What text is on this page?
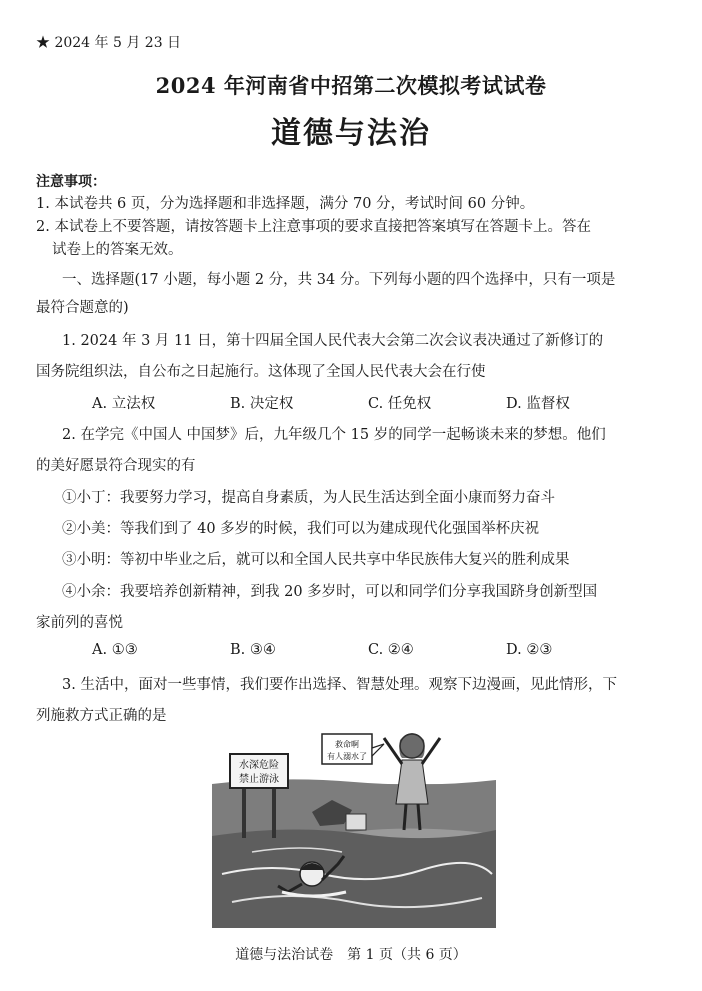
★ 2024 年 5 月 23 日
2024 年河南省中招第二次模拟考试试卷
道德与法治
注意事项：
1. 本试卷共 6 页，分为选择题和非选择题，满分 70 分，考试时间 60 分钟。
2. 本试卷上不要答题，请按答题卡上注意事项的要求直接把答案填写在答题卡上。答在
试卷上的答案无效。
一、选择题(17 小题，每小题 2 分，共 34 分。下列每小题的四个选择中，只有一项是
最符合题意的)
1. 2024 年 3 月 11 日，第十四届全国人民代表大会第二次会议表决通过了新修订的
国务院组织法，自公布之日起施行。这体现了全国人民代表大会在行使
A. 立法权	B. 决定权	C. 任免权	D. 监督权
2. 在学完《中国人 中国梦》后，九年级几个 15 岁的同学一起畅谈未来的梦想。他们
的美好愿景符合现实的有
①小丁：我要努力学习，提高自身素质，为人民生活达到全面小康而努力奋斗
②小美：等我们到了 40 多岁的时候，我们可以为建成现代化强国举杯庆祝
③小明：等初中毕业之后，就可以和全国人民共享中华民族伟大复兴的胜利成果
④小余：我要培养创新精神，到我 20 多岁时，可以和同学们分享我国跻身创新型国
家前列的喜悦
A. ①③	B. ③④	C. ②④	D. ②③
3. 生活中，面对一些事情，我们要作出选择、智慧处理。观察下边漫画，见此情形，下
列施救方式正确的是
水深危险
禁止游泳
救命啊
有人溺水了
道德与法治试卷　第 1 页（共 6 页）
